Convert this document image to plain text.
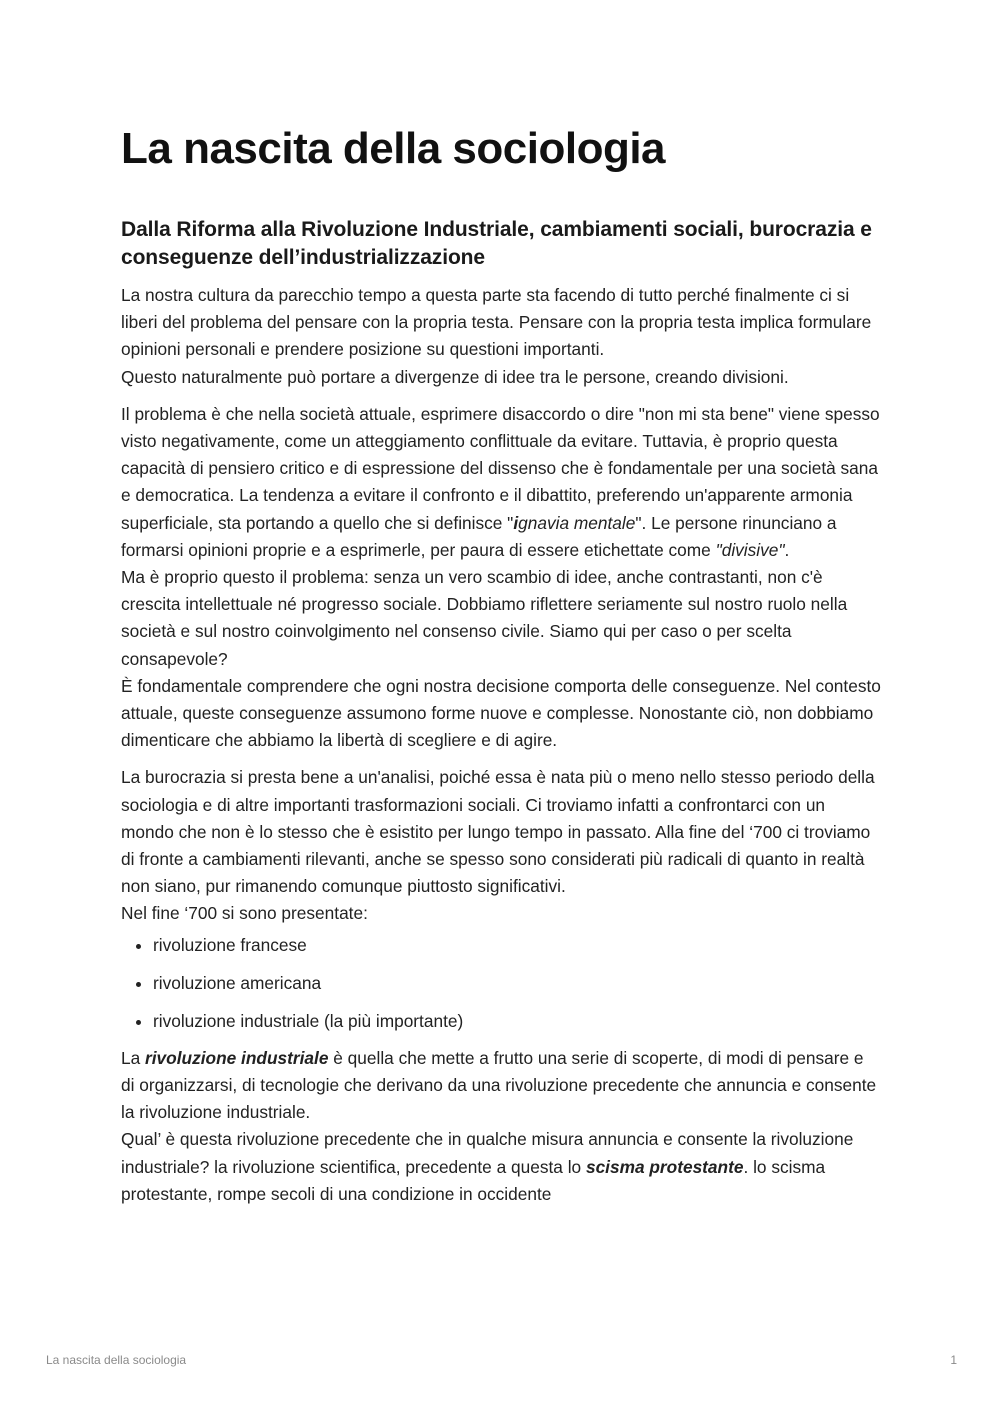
La nascita della sociologia
Dalla Riforma alla Rivoluzione Industriale, cambiamenti sociali, burocrazia e conseguenze dell’industrializzazione

La nostra cultura da parecchio tempo a questa parte sta facendo di tutto perché finalmente ci si liberi del problema del pensare con la propria testa. Pensare con la propria testa implica formulare opinioni personali e prendere posizione su questioni importanti.
Questo naturalmente può portare a divergenze di idee tra le persone, creando divisioni.

Il problema è che nella società attuale, esprimere disaccordo o dire "non mi sta bene" viene spesso visto negativamente, come un atteggiamento conflittuale da evitare. Tuttavia, è proprio questa capacità di pensiero critico e di espressione del dissenso che è fondamentale per una società sana e democratica. La tendenza a evitare il confronto e il dibattito, preferendo un'apparente armonia superficiale, sta portando a quello che si definisce "ignavia mentale". Le persone rinunciano a formarsi opinioni proprie e a esprimerle, per paura di essere etichettate come "divisive".
Ma è proprio questo il problema: senza un vero scambio di idee, anche contrastanti, non c'è crescita intellettuale né progresso sociale. Dobbiamo riflettere seriamente sul nostro ruolo nella società e sul nostro coinvolgimento nel consenso civile. Siamo qui per caso o per scelta consapevole?
È fondamentale comprendere che ogni nostra decisione comporta delle conseguenze. Nel contesto attuale, queste conseguenze assumono forme nuove e complesse. Nonostante ciò, non dobbiamo dimenticare che abbiamo la libertà di scegliere e di agire.

La burocrazia si presta bene a un'analisi, poiché essa è nata più o meno nello stesso periodo della sociologia e di altre importanti trasformazioni sociali. Ci troviamo infatti a confrontarci con un mondo che non è lo stesso che è esistito per lungo tempo in passato. Alla fine del ‘700 ci troviamo di fronte a cambiamenti rilevanti, anche se spesso sono considerati più radicali di quanto in realtà non siano, pur rimanendo comunque piuttosto significativi.
Nel fine ‘700 si sono presentate:

• rivoluzione francese
• rivoluzione americana
• rivoluzione industriale (la più importante)

La rivoluzione industriale è quella che mette a frutto una serie di scoperte, di modi di pensare e di organizzarsi, di tecnologie che derivano da una rivoluzione precedente che annuncia e consente la rivoluzione industriale.
Qual’ è questa rivoluzione precedente che in qualche misura annuncia e consente la rivoluzione industriale? la rivoluzione scientifica, precedente a questa lo scisma protestante. lo scisma protestante, rompe secoli di una condizione in occidente

La nascita della sociologia	1
